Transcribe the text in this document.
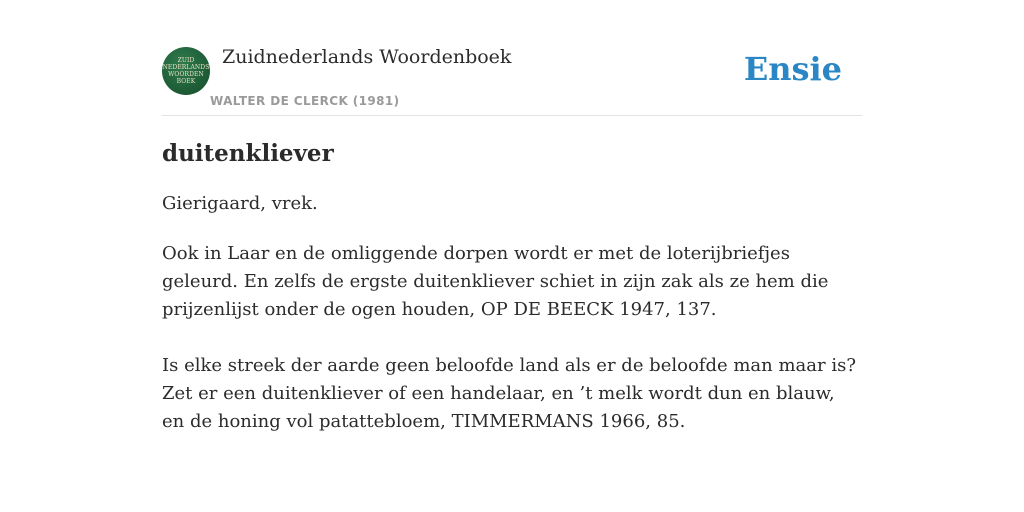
ZUID
NEDERLANDS
WOORDEN
BOEK
Zuidnederlands Woordenboek
WALTER DE CLERCK (1981)
Ensie
duitenkliever

Gierigaard, vrek.

Ook in Laar en de omliggende dorpen wordt er met de loterijbriefjes geleurd. En zelfs de ergste duitenkliever schiet in zijn zak als ze hem die prijzenlijst onder de ogen houden, OP DE BEECK 1947, 137.

Is elke streek der aarde geen beloofde land als er de beloofde man maar is? Zet er een duitenkliever of een handelaar, en ’t melk wordt dun en blauw, en de honing vol patattebloem, TIMMERMANS 1966, 85.
